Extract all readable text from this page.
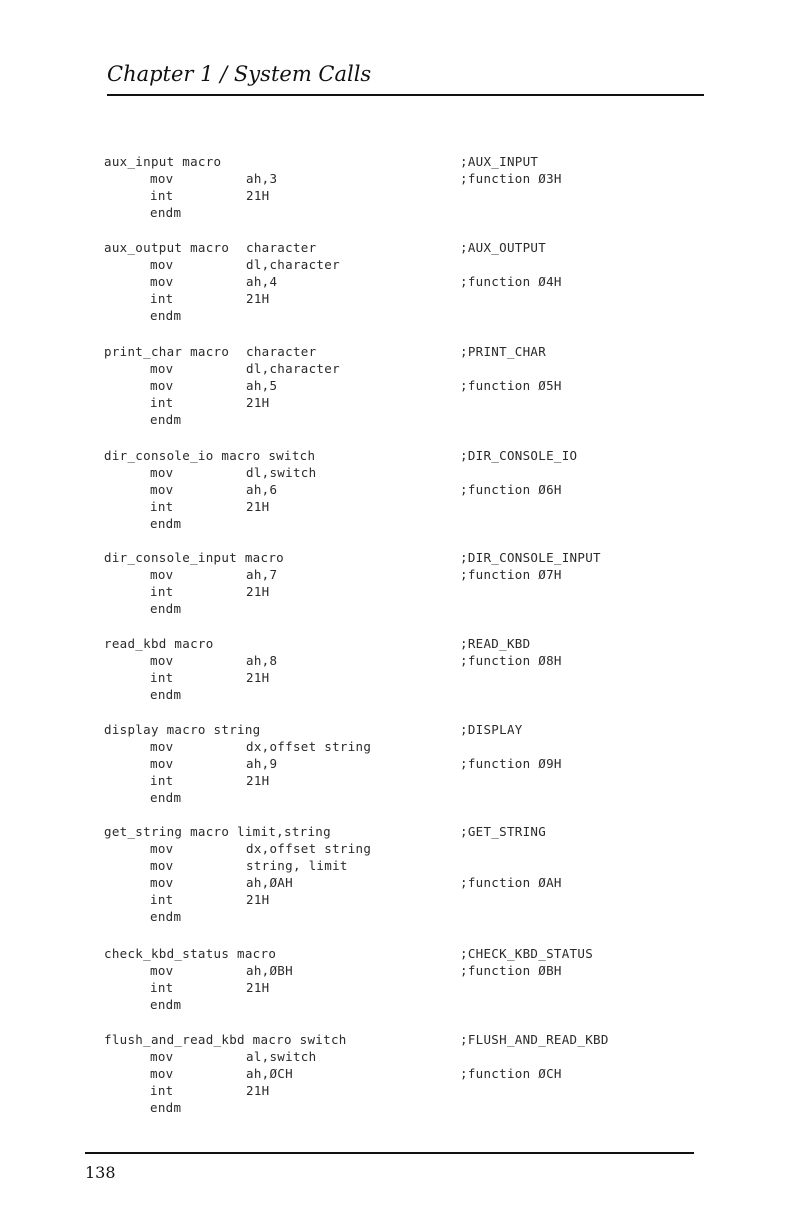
Chapter 1 / System Calls
aux_input macro	;AUX_INPUT
mov	ah,3	;function Ø3H
int	21H
endm
aux_output macro character	;AUX_OUTPUT
mov	dl,character
mov	ah,4	;function Ø4H
int	21H
endm
print_char macro character	;PRINT_CHAR
mov	dl,character
mov	ah,5	;function Ø5H
int	21H
endm
dir_console_io macro switch	;DIR_CONSOLE_IO
mov	dl,switch
mov	ah,6	;function Ø6H
int	21H
endm
dir_console_input macro	;DIR_CONSOLE_INPUT
mov	ah,7	;function Ø7H
int	21H
endm
read_kbd macro	;READ_KBD
mov	ah,8	;function Ø8H
int	21H
endm
display macro string	;DISPLAY
mov	dx,offset string
mov	ah,9	;function Ø9H
int	21H
endm
get_string macro limit,string	;GET_STRING
mov	dx,offset string
mov	string, limit
mov	ah,ØAH	;function ØAH
int	21H
endm
check_kbd_status macro	;CHECK_KBD_STATUS
mov	ah,ØBH	;function ØBH
int	21H
endm
flush_and_read_kbd macro switch	;FLUSH_AND_READ_KBD
mov	al,switch
mov	ah,ØCH	;function ØCH
int	21H
endm
138
